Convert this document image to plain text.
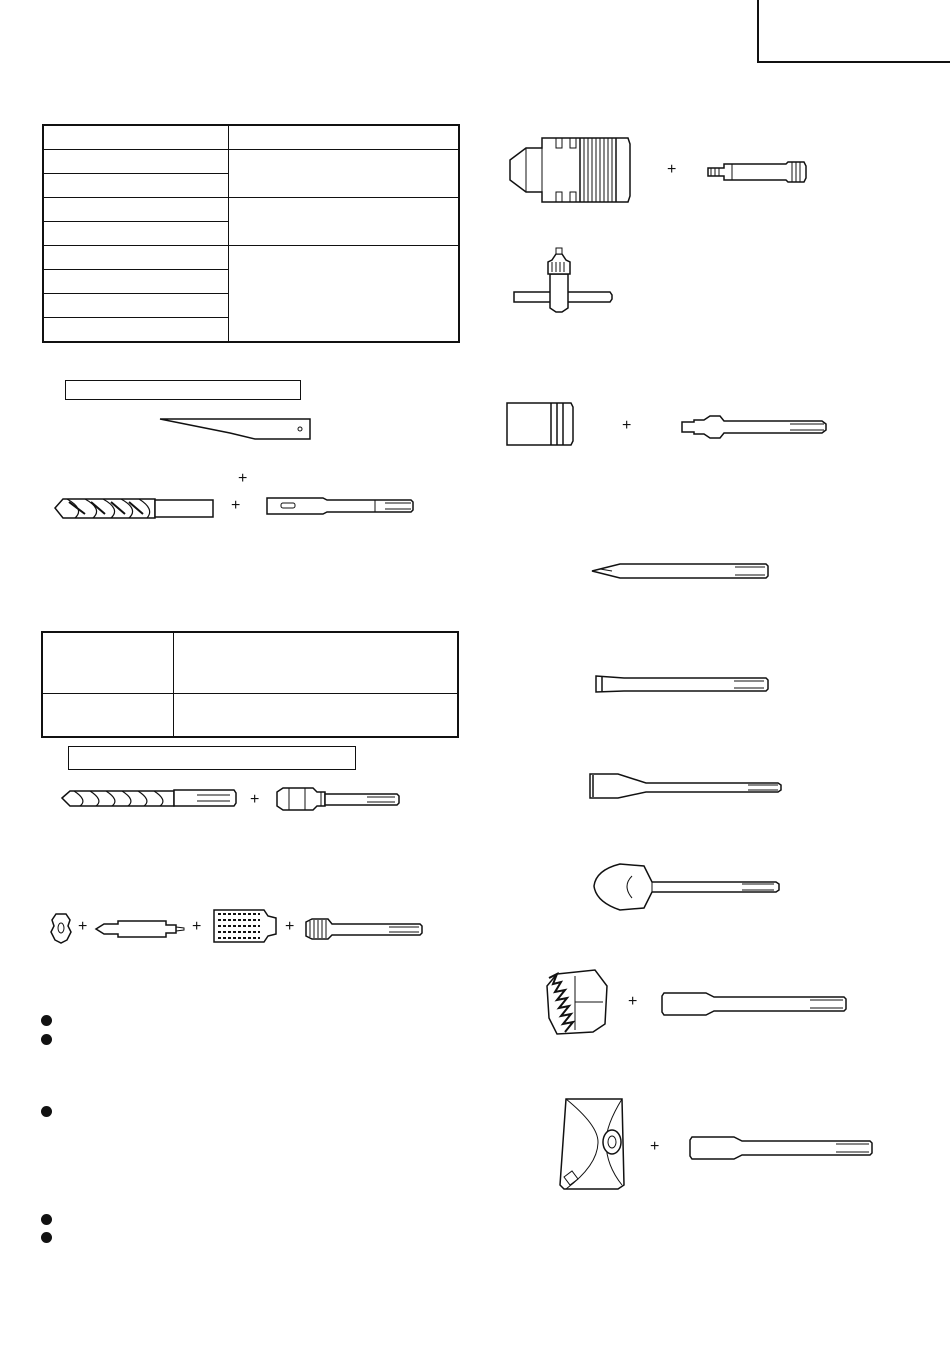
+
+

+
+	+	+
+
+
+
+
